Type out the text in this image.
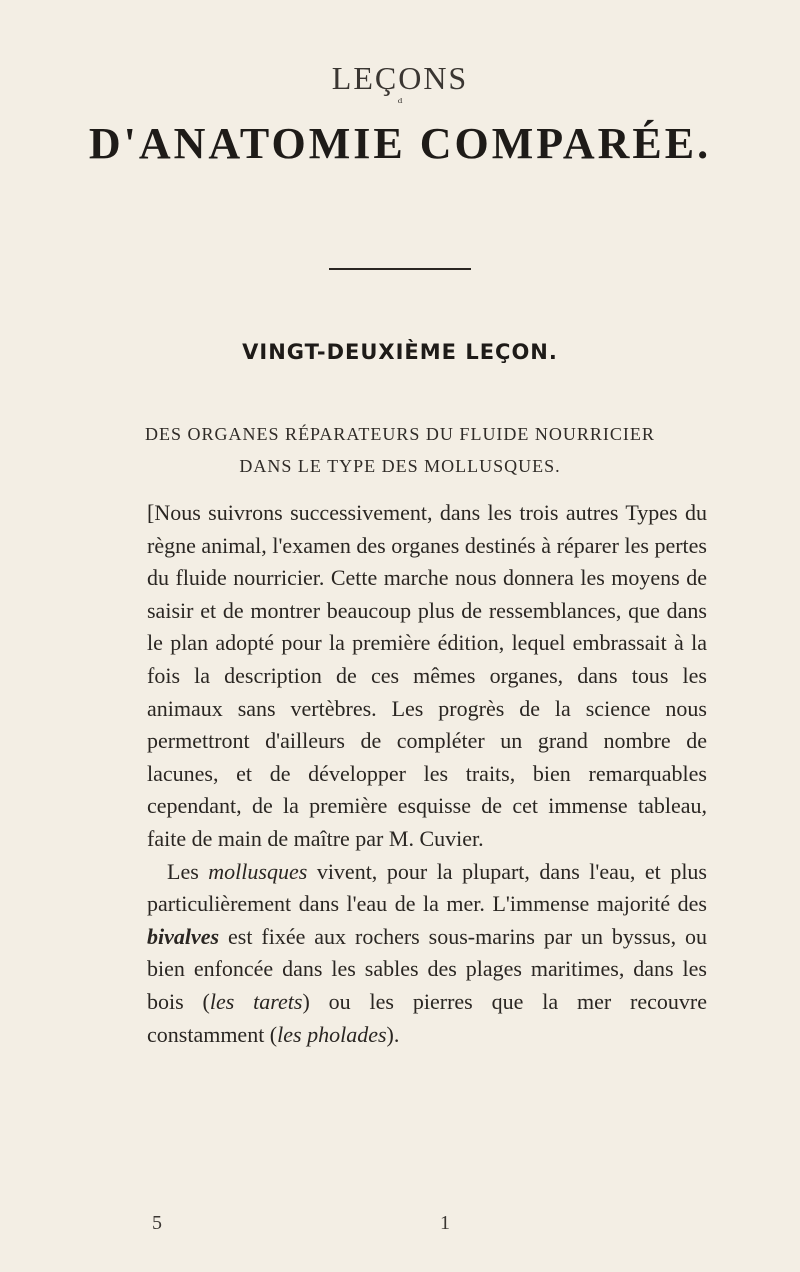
LEÇONS
ᵈ
D'ANATOMIE COMPARÉE.
VINGT-DEUXIÈME LEÇON.
DES ORGANES RÉPARATEURS DU FLUIDE NOURRICIER
DANS LE TYPE DES MOLLUSQUES.

[Nous suivrons successivement, dans les trois autres Types du règne animal, l'examen des organes destinés à réparer les pertes du fluide nourricier. Cette marche nous donnera les moyens de saisir et de montrer beaucoup plus de ressemblances, que dans le plan adopté pour la première édition, lequel embrassait à la fois la description de ces mêmes organes, dans tous les animaux sans vertèbres. Les progrès de la science nous permettront d'ailleurs de compléter un grand nombre de lacunes, et de développer les traits, bien remarquables cependant, de la première esquisse de cet immense tableau, faite de main de maître par M. Cuvier.

Les mollusques vivent, pour la plupart, dans l'eau, et plus particulièrement dans l'eau de la mer. L'immense majorité des bivalves est fixée aux rochers sous-marins par un byssus, ou bien enfoncée dans les sables des plages maritimes, dans les bois (les tarets) ou les pierres que la mer recouvre constamment (les pholades).

5	1
